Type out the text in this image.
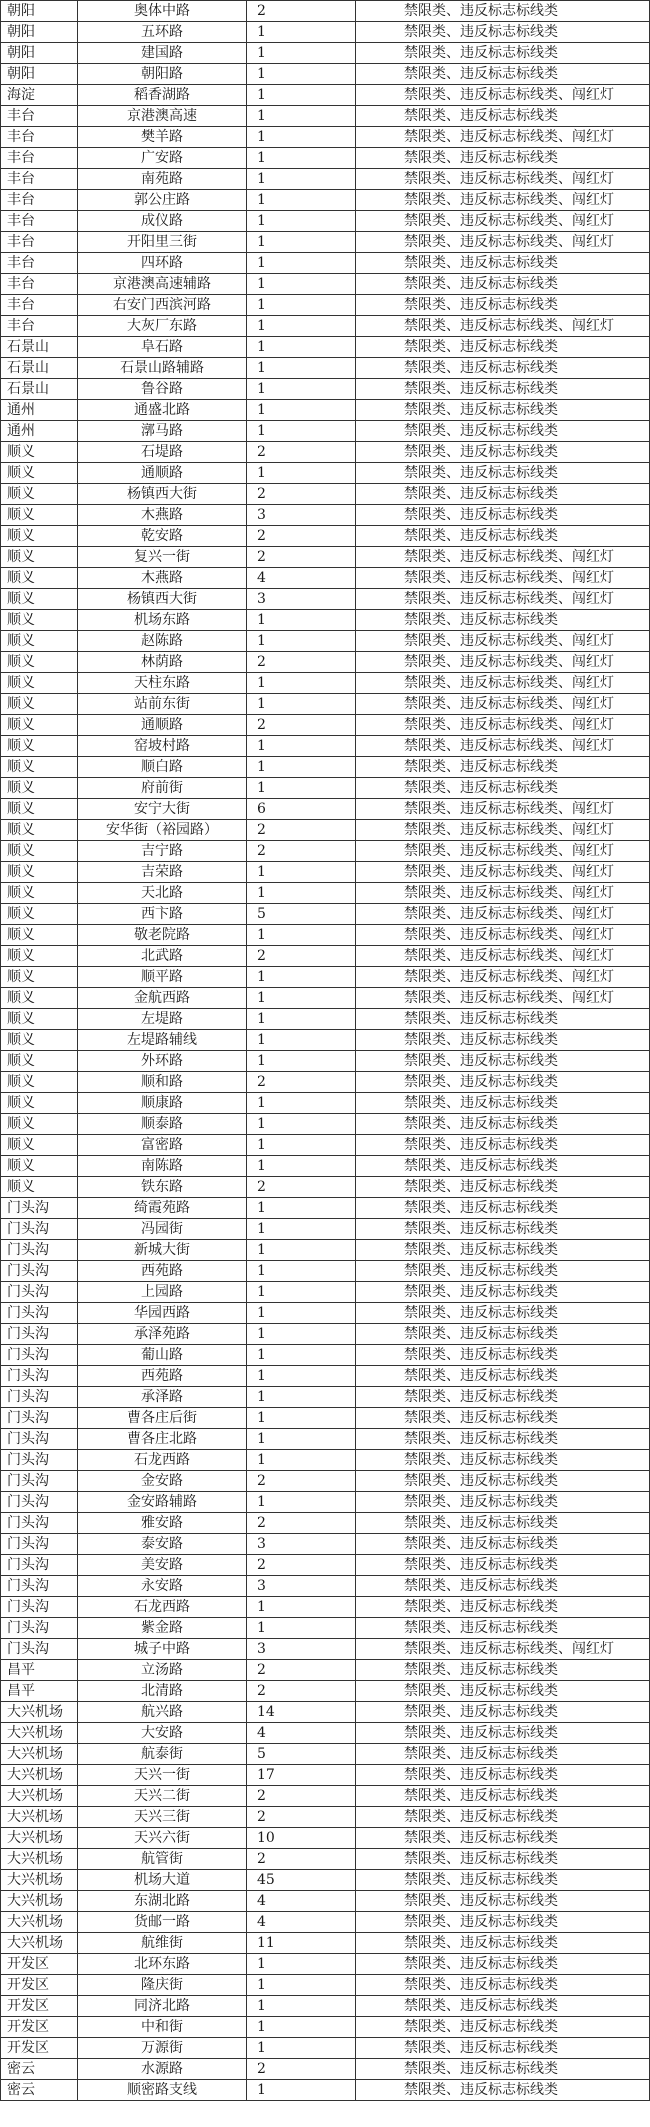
朝阳	奥体中路	2	禁限类、违反标志标线类
朝阳	五环路	1	禁限类、违反标志标线类
朝阳	建国路	1	禁限类、违反标志标线类
朝阳	朝阳路	1	禁限类、违反标志标线类
海淀	稻香湖路	1	禁限类、违反标志标线类、闯红灯
丰台	京港澳高速	1	禁限类、违反标志标线类
丰台	樊羊路	1	禁限类、违反标志标线类、闯红灯
丰台	广安路	1	禁限类、违反标志标线类
丰台	南苑路	1	禁限类、违反标志标线类、闯红灯
丰台	郭公庄路	1	禁限类、违反标志标线类、闯红灯
丰台	成仪路	1	禁限类、违反标志标线类、闯红灯
丰台	开阳里三街	1	禁限类、违反标志标线类、闯红灯
丰台	四环路	1	禁限类、违反标志标线类
丰台	京港澳高速辅路	1	禁限类、违反标志标线类
丰台	右安门西滨河路	1	禁限类、违反标志标线类
丰台	大灰厂东路	1	禁限类、违反标志标线类、闯红灯
石景山	阜石路	1	禁限类、违反标志标线类
石景山	石景山路辅路	1	禁限类、违反标志标线类
石景山	鲁谷路	1	禁限类、违反标志标线类
通州	通盛北路	1	禁限类、违反标志标线类
通州	漷马路	1	禁限类、违反标志标线类
顺义	石堤路	2	禁限类、违反标志标线类
顺义	通顺路	1	禁限类、违反标志标线类
顺义	杨镇西大街	2	禁限类、违反标志标线类
顺义	木燕路	3	禁限类、违反标志标线类
顺义	乾安路	2	禁限类、违反标志标线类
顺义	复兴一街	2	禁限类、违反标志标线类、闯红灯
顺义	木燕路	4	禁限类、违反标志标线类、闯红灯
顺义	杨镇西大街	3	禁限类、违反标志标线类、闯红灯
顺义	机场东路	1	禁限类、违反标志标线类
顺义	赵陈路	1	禁限类、违反标志标线类、闯红灯
顺义	林荫路	2	禁限类、违反标志标线类、闯红灯
顺义	天柱东路	1	禁限类、违反标志标线类、闯红灯
顺义	站前东街	1	禁限类、违反标志标线类、闯红灯
顺义	通顺路	2	禁限类、违反标志标线类、闯红灯
顺义	窑坡村路	1	禁限类、违反标志标线类、闯红灯
顺义	顺白路	1	禁限类、违反标志标线类
顺义	府前街	1	禁限类、违反标志标线类
顺义	安宁大街	6	禁限类、违反标志标线类、闯红灯
顺义	安华街（裕园路）	2	禁限类、违反标志标线类、闯红灯
顺义	吉宁路	2	禁限类、违反标志标线类、闯红灯
顺义	吉荣路	1	禁限类、违反标志标线类、闯红灯
顺义	天北路	1	禁限类、违反标志标线类、闯红灯
顺义	西卞路	5	禁限类、违反标志标线类、闯红灯
顺义	敬老院路	1	禁限类、违反标志标线类、闯红灯
顺义	北武路	2	禁限类、违反标志标线类、闯红灯
顺义	顺平路	1	禁限类、违反标志标线类、闯红灯
顺义	金航西路	1	禁限类、违反标志标线类、闯红灯
顺义	左堤路	1	禁限类、违反标志标线类
顺义	左堤路辅线	1	禁限类、违反标志标线类
顺义	外环路	1	禁限类、违反标志标线类
顺义	顺和路	2	禁限类、违反标志标线类
顺义	顺康路	1	禁限类、违反标志标线类
顺义	顺泰路	1	禁限类、违反标志标线类
顺义	富密路	1	禁限类、违反标志标线类
顺义	南陈路	1	禁限类、违反标志标线类
顺义	铁东路	2	禁限类、违反标志标线类
门头沟	绮霞苑路	1	禁限类、违反标志标线类
门头沟	冯园街	1	禁限类、违反标志标线类
门头沟	新城大街	1	禁限类、违反标志标线类
门头沟	西苑路	1	禁限类、违反标志标线类
门头沟	上园路	1	禁限类、违反标志标线类
门头沟	华园西路	1	禁限类、违反标志标线类
门头沟	承泽苑路	1	禁限类、违反标志标线类
门头沟	葡山路	1	禁限类、违反标志标线类
门头沟	西苑路	1	禁限类、违反标志标线类
门头沟	承泽路	1	禁限类、违反标志标线类
门头沟	曹各庄后街	1	禁限类、违反标志标线类
门头沟	曹各庄北路	1	禁限类、违反标志标线类
门头沟	石龙西路	1	禁限类、违反标志标线类
门头沟	金安路	2	禁限类、违反标志标线类
门头沟	金安路辅路	1	禁限类、违反标志标线类
门头沟	雅安路	2	禁限类、违反标志标线类
门头沟	泰安路	3	禁限类、违反标志标线类
门头沟	美安路	2	禁限类、违反标志标线类
门头沟	永安路	3	禁限类、违反标志标线类
门头沟	石龙西路	1	禁限类、违反标志标线类
门头沟	紫金路	1	禁限类、违反标志标线类
门头沟	城子中路	3	禁限类、违反标志标线类、闯红灯
昌平	立汤路	2	禁限类、违反标志标线类
昌平	北清路	2	禁限类、违反标志标线类
大兴机场	航兴路	14	禁限类、违反标志标线类
大兴机场	大安路	4	禁限类、违反标志标线类
大兴机场	航泰街	5	禁限类、违反标志标线类
大兴机场	天兴一街	17	禁限类、违反标志标线类
大兴机场	天兴二街	2	禁限类、违反标志标线类
大兴机场	天兴三街	2	禁限类、违反标志标线类
大兴机场	天兴六街	10	禁限类、违反标志标线类
大兴机场	航管街	2	禁限类、违反标志标线类
大兴机场	机场大道	45	禁限类、违反标志标线类
大兴机场	东湖北路	4	禁限类、违反标志标线类
大兴机场	货邮一路	4	禁限类、违反标志标线类
大兴机场	航维街	11	禁限类、违反标志标线类
开发区	北环东路	1	禁限类、违反标志标线类
开发区	隆庆街	1	禁限类、违反标志标线类
开发区	同济北路	1	禁限类、违反标志标线类
开发区	中和街	1	禁限类、违反标志标线类
开发区	万源街	1	禁限类、违反标志标线类
密云	水源路	2	禁限类、违反标志标线类
密云	顺密路支线	1	禁限类、违反标志标线类
